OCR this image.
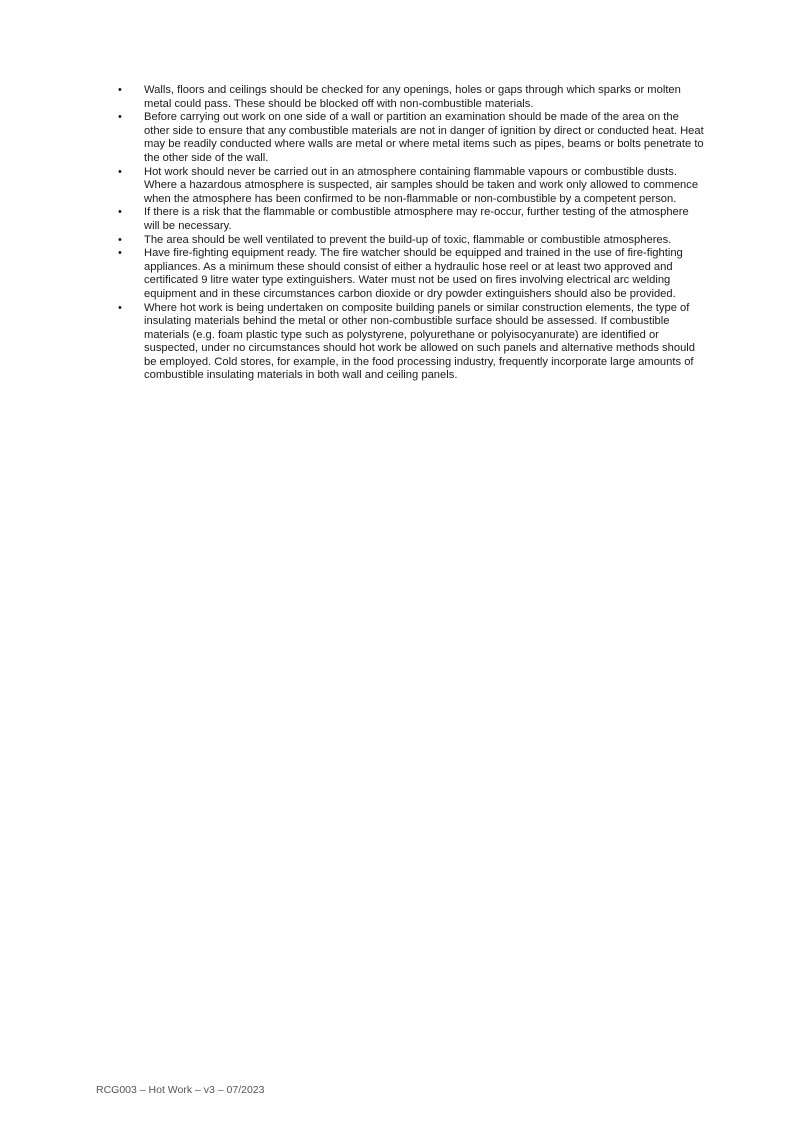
• Walls, floors and ceilings should be checked for any openings, holes or gaps through which sparks or molten metal could pass. These should be blocked off with non-combustible materials.
• Before carrying out work on one side of a wall or partition an examination should be made of the area on the other side to ensure that any combustible materials are not in danger of ignition by direct or conducted heat. Heat may be readily conducted where walls are metal or where metal items such as pipes, beams or bolts penetrate to the other side of the wall.
• Hot work should never be carried out in an atmosphere containing flammable vapours or combustible dusts. Where a hazardous atmosphere is suspected, air samples should be taken and work only allowed to commence when the atmosphere has been confirmed to be non-flammable or non-combustible by a competent person.
• If there is a risk that the flammable or combustible atmosphere may re-occur, further testing of the atmosphere will be necessary.
• The area should be well ventilated to prevent the build-up of toxic, flammable or combustible atmospheres.
• Have fire-fighting equipment ready. The fire watcher should be equipped and trained in the use of fire-fighting appliances. As a minimum these should consist of either a hydraulic hose reel or at least two approved and certificated 9 litre water type extinguishers. Water must not be used on fires involving electrical arc welding equipment and in these circumstances carbon dioxide or dry powder extinguishers should also be provided.
• Where hot work is being undertaken on composite building panels or similar construction elements, the type of insulating materials behind the metal or other non-combustible surface should be assessed. If combustible materials (e.g. foam plastic type such as polystyrene, polyurethane or polyisocyanurate) are identified or suspected, under no circumstances should hot work be allowed on such panels and alternative methods should be employed. Cold stores, for example, in the food processing industry, frequently incorporate large amounts of combustible insulating materials in both wall and ceiling panels.
RCG003 – Hot Work – v3 – 07/2023
